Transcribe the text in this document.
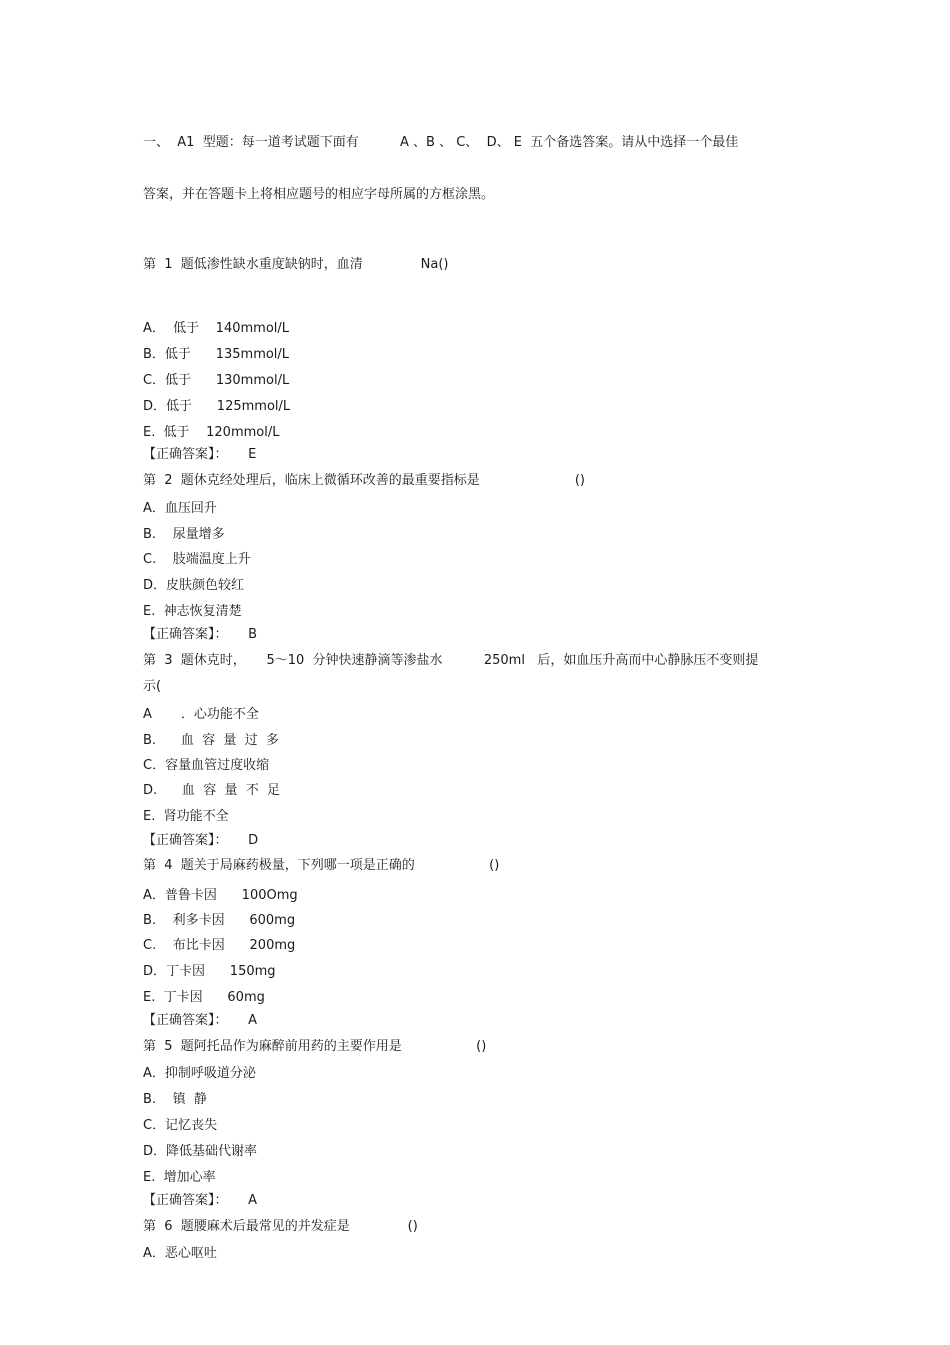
一、  A1  型题：每一道考试题下面有          A 、B 、 C、  D、 E  五个备选答案。请从中选择一个最佳
答案，并在答题卡上将相应题号的相应字母所属的方框涂黑。
第  1  题低渗性缺水重度缺钠时，血清              Na()
A．  低于    140mmol/L
B．低于      135mmol/L
C．低于      130mmol/L
D．低于      125mmol/L
E.  低于    120mmol/L
【正确答案】：     E
第  2  题休克经处理后，临床上微循环改善的最重要指标是                       ()
A．血压回升
B.    尿量增多
C.    肢端温度上升
D．皮肤颜色较红
E.  神志恢复清楚
【正确答案】：     B
第  3  题休克时，     5～10  分钟快速静滴等渗盐水          250ml   后，如血压升高而中心静脉压不变则提
示(
A       ．心功能不全
B.      血  容  量  过  多
C．容量血管过度收缩
D.      血  容  量  不  足
E.  肾功能不全
【正确答案】：     D
第  4  题关于局麻药极量，下列哪一项是正确的                  ()
A．普鲁卡因      100Omg
B.    利多卡因      600mg
C.    布比卡因      200mg
D．丁卡因      150mg
E.  丁卡因      60mg
【正确答案】：     A
第  5  题阿托品作为麻醉前用药的主要作用是                  ()
A．抑制呼吸道分泌
B.    镇  静
C．记忆丧失
D．降低基础代谢率
E.  增加心率
【正确答案】：     A
第  6  题腰麻术后最常见的并发症是              ()
A．恶心呕吐
